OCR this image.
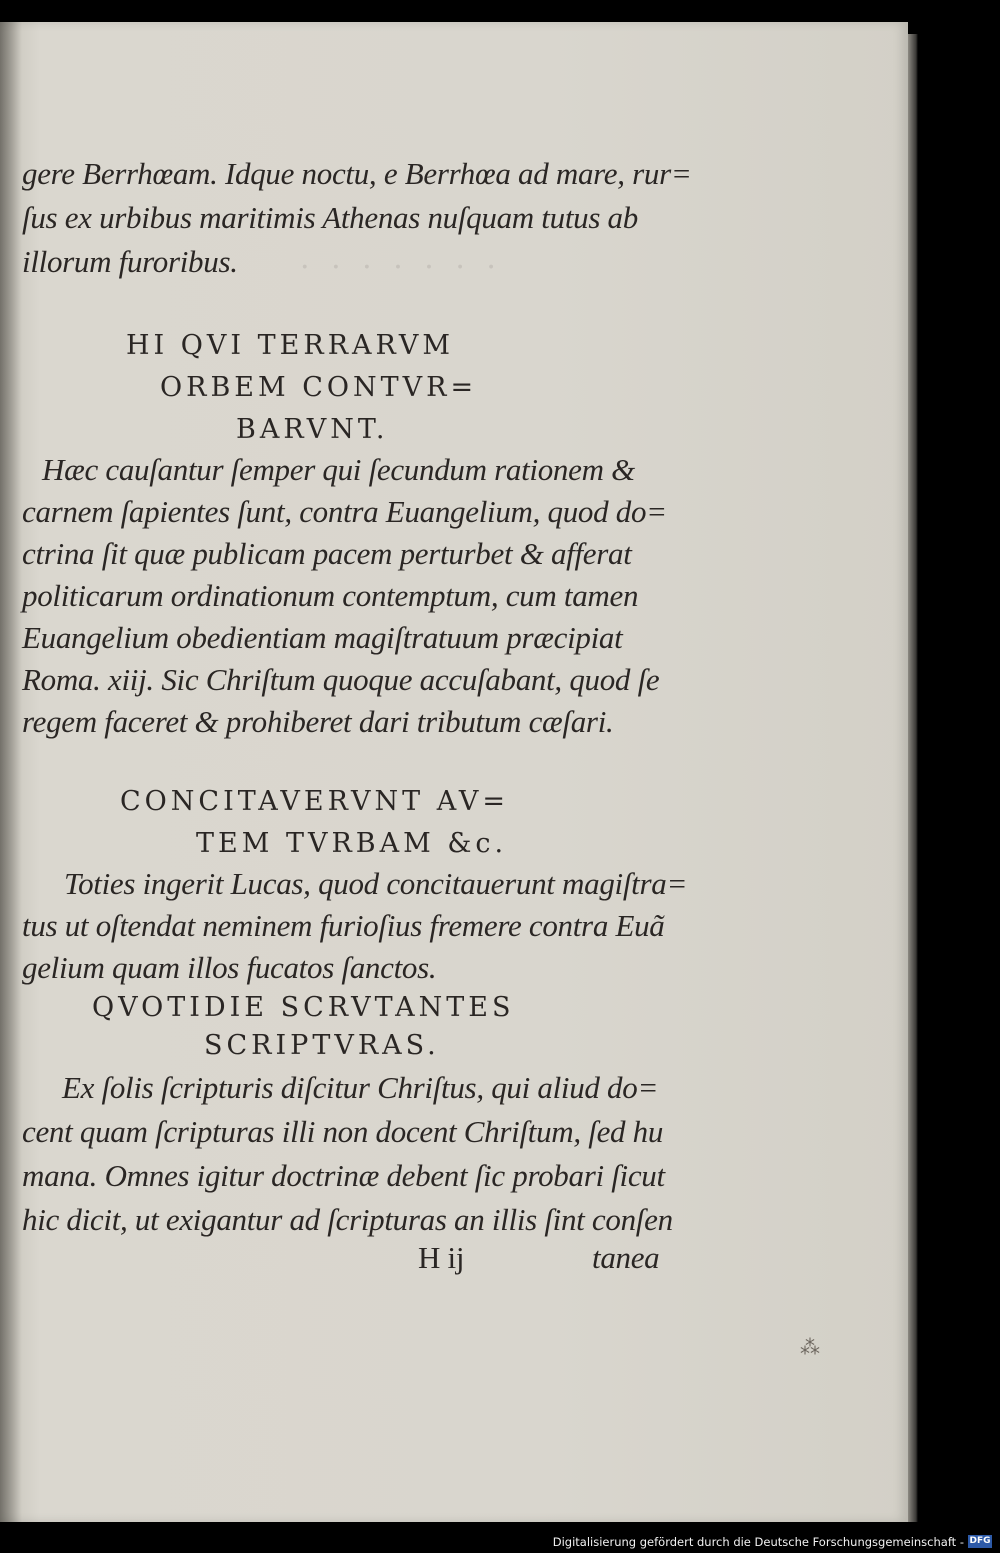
· · · · · · ·
gere Berrhœam. Idque noctu, e Berrhœa ad mare, rur=
ſus ex urbibus maritimis Athenas nuſquam tutus ab
illorum furoribus.
HI QVI TERRARVM
ORBEM CONTVR=
BARVNT.
Hæc cauſantur ſemper qui ſecundum rationem &
carnem ſapientes ſunt, contra Euangelium, quod do=
ctrina ſit quæ publicam pacem perturbet & afferat
politicarum ordinationum contemptum, cum tamen
Euangelium obedientiam magiſtratuum præcipiat
Roma. xiij. Sic Chriſtum quoque accuſabant, quod ſe
regem faceret & prohiberet dari tributum cæſari.
CONCITAVERVNT AV=
TEM TVRBAM &c.
Toties ingerit Lucas, quod concitauerunt magiſtra=
tus ut oſtendat neminem furioſius fremere contra Euã
gelium quam illos fucatos ſanctos.
QVOTIDIE SCRVTANTES
SCRIPTVRAS.
Ex ſolis ſcripturis diſcitur Chriſtus, qui aliud do=
cent quam ſcripturas illi non docent Chriſtum, ſed hu
mana. Omnes igitur doctrinæ debent ſic probari ſicut
hic dicit, ut exigantur ad ſcripturas an illis ſint conſen
H ij	tanea
⁂
Digitalisierung gefördert durch die Deutsche Forschungsgemeinschaft - DFG
